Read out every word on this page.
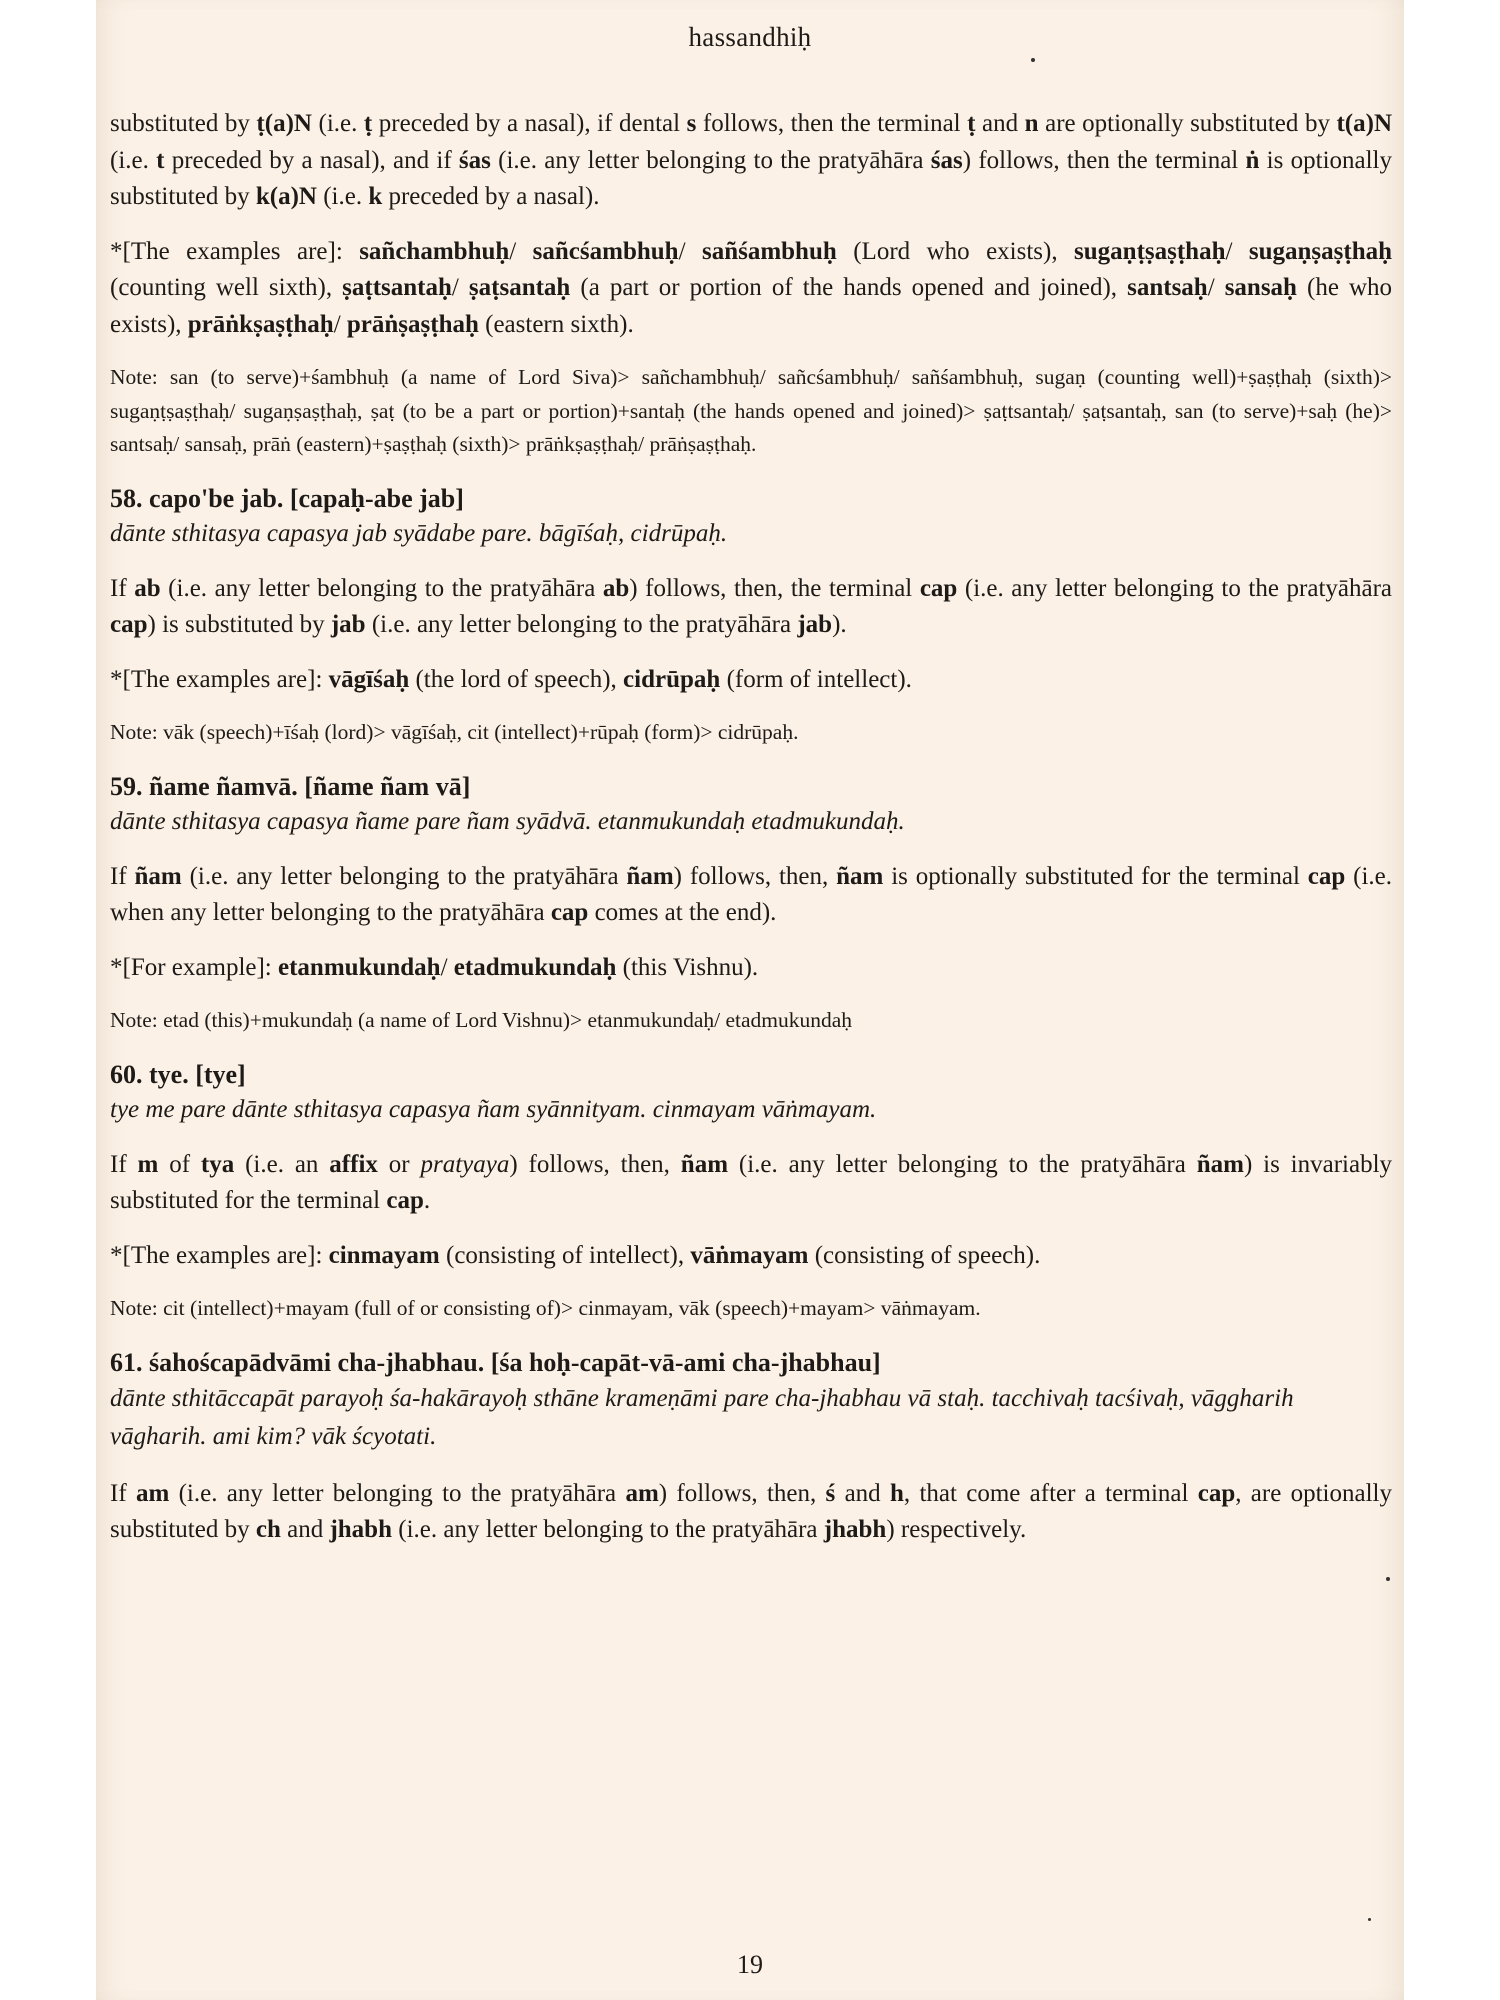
hassandhiḥ

substituted by ṭ(a)N (i.e. ṭ preceded by a nasal), if dental s follows, then the terminal ṭ and n are optionally substituted by t(a)N (i.e. t preceded by a nasal), and if śas (i.e. any letter belonging to the pratyāhāra śas) follows, then the terminal ṅ is optionally substituted by k(a)N (i.e. k preceded by a nasal).

*[The examples are]: sañchambhuḥ/ sañcśambhuḥ/ sañśambhuḥ (Lord who exists), sugaṇṭṣaṣṭhaḥ/ sugaṇṣaṣṭhaḥ (counting well sixth), ṣaṭtsantaḥ/ ṣaṭsantaḥ (a part or portion of the hands opened and joined), santsaḥ/ sansaḥ (he who exists), prāṅkṣaṣṭhaḥ/ prāṅṣaṣṭhaḥ (eastern sixth).

Note: san (to serve)+śambhuḥ (a name of Lord Siva)> sañchambhuḥ/ sañcśambhuḥ/ sañśambhuḥ, sugaṇ (counting well)+ṣaṣṭhaḥ (sixth)> sugaṇṭṣaṣṭhaḥ/ sugaṇṣaṣṭhaḥ, ṣaṭ (to be a part or portion)+santaḥ (the hands opened and joined)> ṣaṭtsantaḥ/ ṣaṭsantaḥ, san (to serve)+saḥ (he)> santsaḥ/ sansaḥ, prāṅ (eastern)+ṣaṣṭhaḥ (sixth)> prāṅkṣaṣṭhaḥ/ prāṅṣaṣṭhaḥ.

58. capo'be jab. [capaḥ-abe jab]

dānte sthitasya capasya jab syādabe pare. bāgīśaḥ, cidrūpaḥ.

If ab (i.e. any letter belonging to the pratyāhāra ab) follows, then, the terminal cap (i.e. any letter belonging to the pratyāhāra cap) is substituted by jab (i.e. any letter belonging to the pratyāhāra jab).

*[The examples are]: vāgīśaḥ (the lord of speech), cidrūpaḥ (form of intellect).

Note: vāk (speech)+īśaḥ (lord)> vāgīśaḥ, cit (intellect)+rūpaḥ (form)> cidrūpaḥ.

59. ñame ñamvā. [ñame ñam vā]

dānte sthitasya capasya ñame pare ñam syādvā. etanmukundaḥ etadmukundaḥ.

If ñam (i.e. any letter belonging to the pratyāhāra ñam) follows, then, ñam is optionally substituted for the terminal cap (i.e. when any letter belonging to the pratyāhāra cap comes at the end).

*[For example]: etanmukundaḥ/ etadmukundaḥ (this Vishnu).

Note: etad (this)+mukundaḥ (a name of Lord Vishnu)> etanmukundaḥ/ etadmukundaḥ

60. tye. [tye]

tye me pare dānte sthitasya capasya ñam syānnityam. cinmayam vāṅmayam.

If m of tya (i.e. an affix or pratyaya) follows, then, ñam (i.e. any letter belonging to the pratyāhāra ñam) is invariably substituted for the terminal cap.

*[The examples are]: cinmayam (consisting of intellect), vāṅmayam (consisting of speech).

Note: cit (intellect)+mayam (full of or consisting of)> cinmayam, vāk (speech)+mayam> vāṅmayam.

61. śahoścapādvāmi cha-jhabhau. [śa hoḥ-capāt-vā-ami cha-jhabhau]

dānte sthitāccapāt parayoḥ śa-hakārayoḥ sthāne krameṇāmi pare cha-jhabhau vā staḥ. tacchivaḥ tacśivaḥ, vāggharih vāgharih. ami kim? vāk ścyotati.

If am (i.e. any letter belonging to the pratyāhāra am) follows, then, ś and h, that come after a terminal cap, are optionally substituted by ch and jhabh (i.e. any letter belonging to the pratyāhāra jhabh) respectively.

19
